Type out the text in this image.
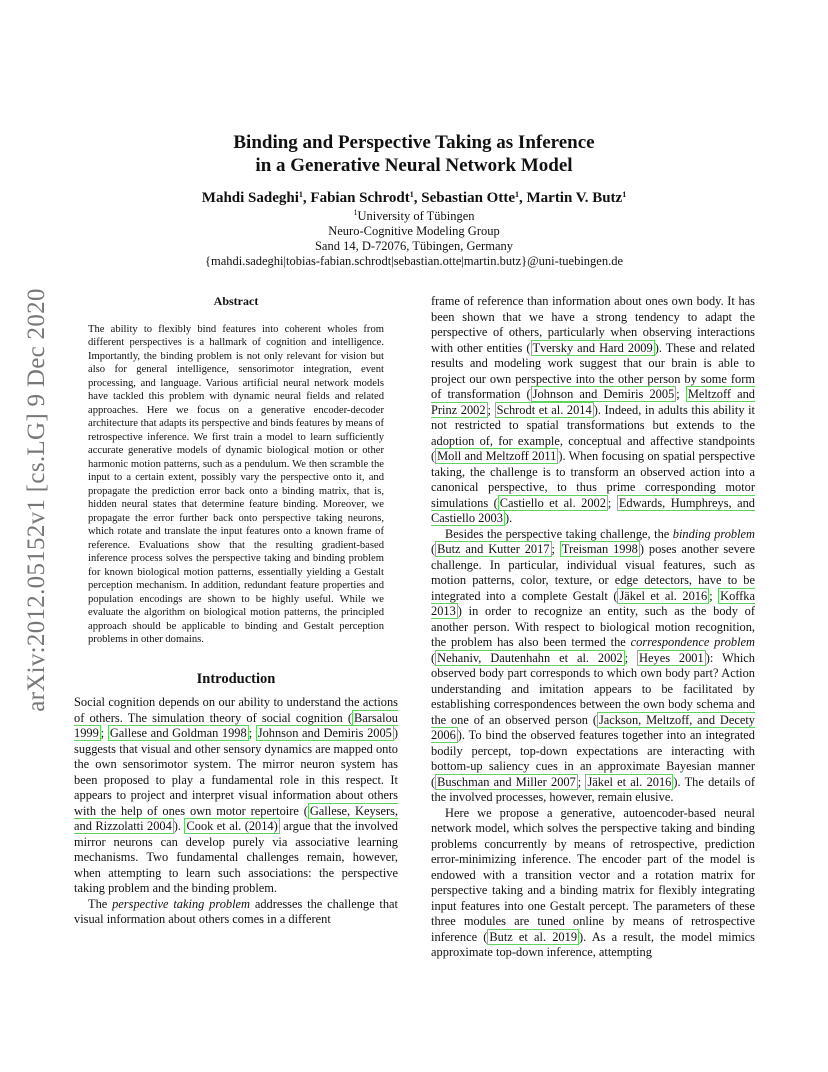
arXiv:2012.05152v1 [cs.LG] 9 Dec 2020
Binding and Perspective Taking as Inference
in a Generative Neural Network Model
Mahdi Sadeghi$^1$, Fabian Schrodt$^1$, Sebastian Otte$^1$, Martin V. Butz$^1$
$^1$University of Tübingen
Neuro-Cognitive Modeling Group
Sand 14, D-72076, Tübingen, Germany
{mahdi.sadeghi|tobias-fabian.schrodt|sebastian.otte|martin.butz}@uni-tuebingen.de
Abstract

The ability to flexibly bind features into coherent wholes from different perspectives is a hallmark of cognition and intelligence. Importantly, the binding problem is not only relevant for vision but also for general intelligence, sensorimotor integration, event processing, and language. Various artificial neural network models have tackled this problem with dynamic neural fields and related approaches. Here we focus on a generative encoder-decoder architecture that adapts its perspective and binds features by means of retrospective inference. We first train a model to learn sufficiently accurate generative models of dynamic biological motion or other harmonic motion patterns, such as a pendulum. We then scramble the input to a certain extent, possibly vary the perspective onto it, and propagate the prediction error back onto a binding matrix, that is, hidden neural states that determine feature binding. Moreover, we propagate the error further back onto perspective taking neurons, which rotate and translate the input features onto a known frame of reference. Evaluations show that the resulting gradient-based inference process solves the perspective taking and binding problem for known biological motion patterns, essentially yielding a Gestalt perception mechanism. In addition, redundant feature properties and population encodings are shown to be highly useful. While we evaluate the algorithm on biological motion patterns, the principled approach should be applicable to binding and Gestalt perception problems in other domains.

Introduction

Social cognition depends on our ability to understand the actions of others. The simulation theory of social cognition ( Barsalou 1999 ; Gallese and Goldman 1998 ; Johnson and Demiris 2005 ) suggests that visual and other sensory dynamics are mapped onto the own sensorimotor system. The mirror neuron system has been proposed to play a fundamental role in this respect. It appears to project and interpret visual information about others with the help of ones own motor repertoire ( Gallese, Keysers, and Rizzolatti 2004 ). Cook et al. (2014) argue that the involved mirror neurons can develop purely via associative learning mechanisms. Two fundamental challenges remain, however, when attempting to learn such associations: the perspective taking problem and the binding problem.

The perspective taking problem addresses the challenge that visual information about others comes in a different

frame of reference than information about ones own body. It has been shown that we have a strong tendency to adapt the perspective of others, particularly when observing interactions with other entities ( Tversky and Hard 2009 ). These and related results and modeling work suggest that our brain is able to project our own perspective into the other person by some form of transformation ( Johnson and Demiris 2005 ; Meltzoff and Prinz 2002 ; Schrodt et al. 2014 ). Indeed, in adults this ability it not restricted to spatial transformations but extends to the adoption of, for example, conceptual and affective standpoints ( Moll and Meltzoff 2011 ). When focusing on spatial perspective taking, the challenge is to transform an observed action into a canonical perspective, to thus prime corresponding motor simulations ( Castiello et al. 2002 ; Edwards, Humphreys, and Castiello 2003 ).

Besides the perspective taking challenge, the binding problem ( Butz and Kutter 2017 ; Treisman 1998 ) poses another severe challenge. In particular, individual visual features, such as motion patterns, color, texture, or edge detectors, have to be integrated into a complete Gestalt ( Jäkel et al. 2016 ; Koffka 2013 ) in order to recognize an entity, such as the body of another person. With respect to biological motion recognition, the problem has also been termed the correspondence problem ( Nehaniv, Dautenhahn et al. 2002 ; Heyes 2001 ): Which observed body part corresponds to which own body part? Action understanding and imitation appears to be facilitated by establishing correspondences between the own body schema and the one of an observed person ( Jackson, Meltzoff, and Decety 2006 ). To bind the observed features together into an integrated bodily percept, top-down expectations are interacting with bottom-up saliency cues in an approximate Bayesian manner ( Buschman and Miller 2007 ; Jäkel et al. 2016 ). The details of the involved processes, however, remain elusive.

Here we propose a generative, autoencoder-based neural network model, which solves the perspective taking and binding problems concurrently by means of retrospective, prediction error-minimizing inference. The encoder part of the model is endowed with a transition vector and a rotation matrix for perspective taking and a binding matrix for flexibly integrating input features into one Gestalt percept. The parameters of these three modules are tuned online by means of retrospective inference ( Butz et al. 2019 ). As a result, the model mimics approximate top-down inference, attempting
